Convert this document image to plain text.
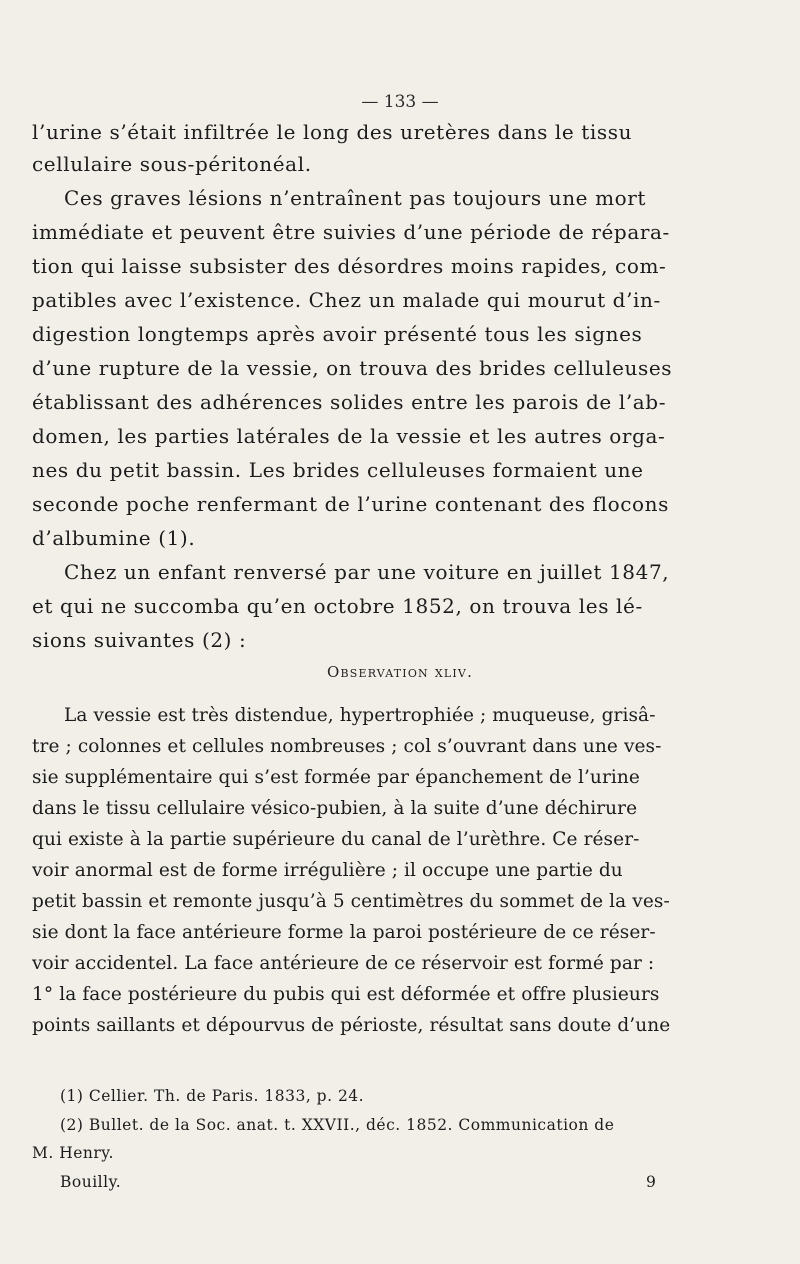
— 133 —
l’urine s’était infiltrée le long des uretères dans le tissu
cellulaire sous-péritonéal.
Ces graves lésions n’entraînent pas toujours une mort
immédiate et peuvent être suivies d’une période de répara-
tion qui laisse subsister des désordres moins rapides, com-
patibles avec l’existence. Chez un malade qui mourut d’in-
digestion longtemps après avoir présenté tous les signes
d’une rupture de la vessie, on trouva des brides celluleuses
établissant des adhérences solides entre les parois de l’ab-
domen, les parties latérales de la vessie et les autres orga-
nes du petit bassin. Les brides celluleuses formaient une
seconde poche renfermant de l’urine contenant des flocons
d’albumine (1).
Chez un enfant renversé par une voiture en juillet 1847,
et qui ne succomba qu’en octobre 1852, on trouva les lé-
sions suivantes (2) :
Observation xliv.
La vessie est très distendue, hypertrophiée ; muqueuse, grisâ-
tre ; colonnes et cellules nombreuses ; col s’ouvrant dans une ves-
sie supplémentaire qui s’est formée par épanchement de l’urine
dans le tissu cellulaire vésico-pubien, à la suite d’une déchirure
qui existe à la partie supérieure du canal de l’urèthre. Ce réser-
voir anormal est de forme irrégulière ; il occupe une partie du
petit bassin et remonte jusqu’à 5 centimètres du sommet de la ves-
sie dont la face antérieure forme la paroi postérieure de ce réser-
voir accidentel. La face antérieure de ce réservoir est formé par :
1° la face postérieure du pubis qui est déformée et offre plusieurs
points saillants et dépourvus de périoste, résultat sans doute d’une
(1) Cellier. Th. de Paris. 1833, p. 24.
(2) Bullet. de la Soc. anat. t. XXVII., déc. 1852. Communication de
M. Henry.
Bouilly.	9
